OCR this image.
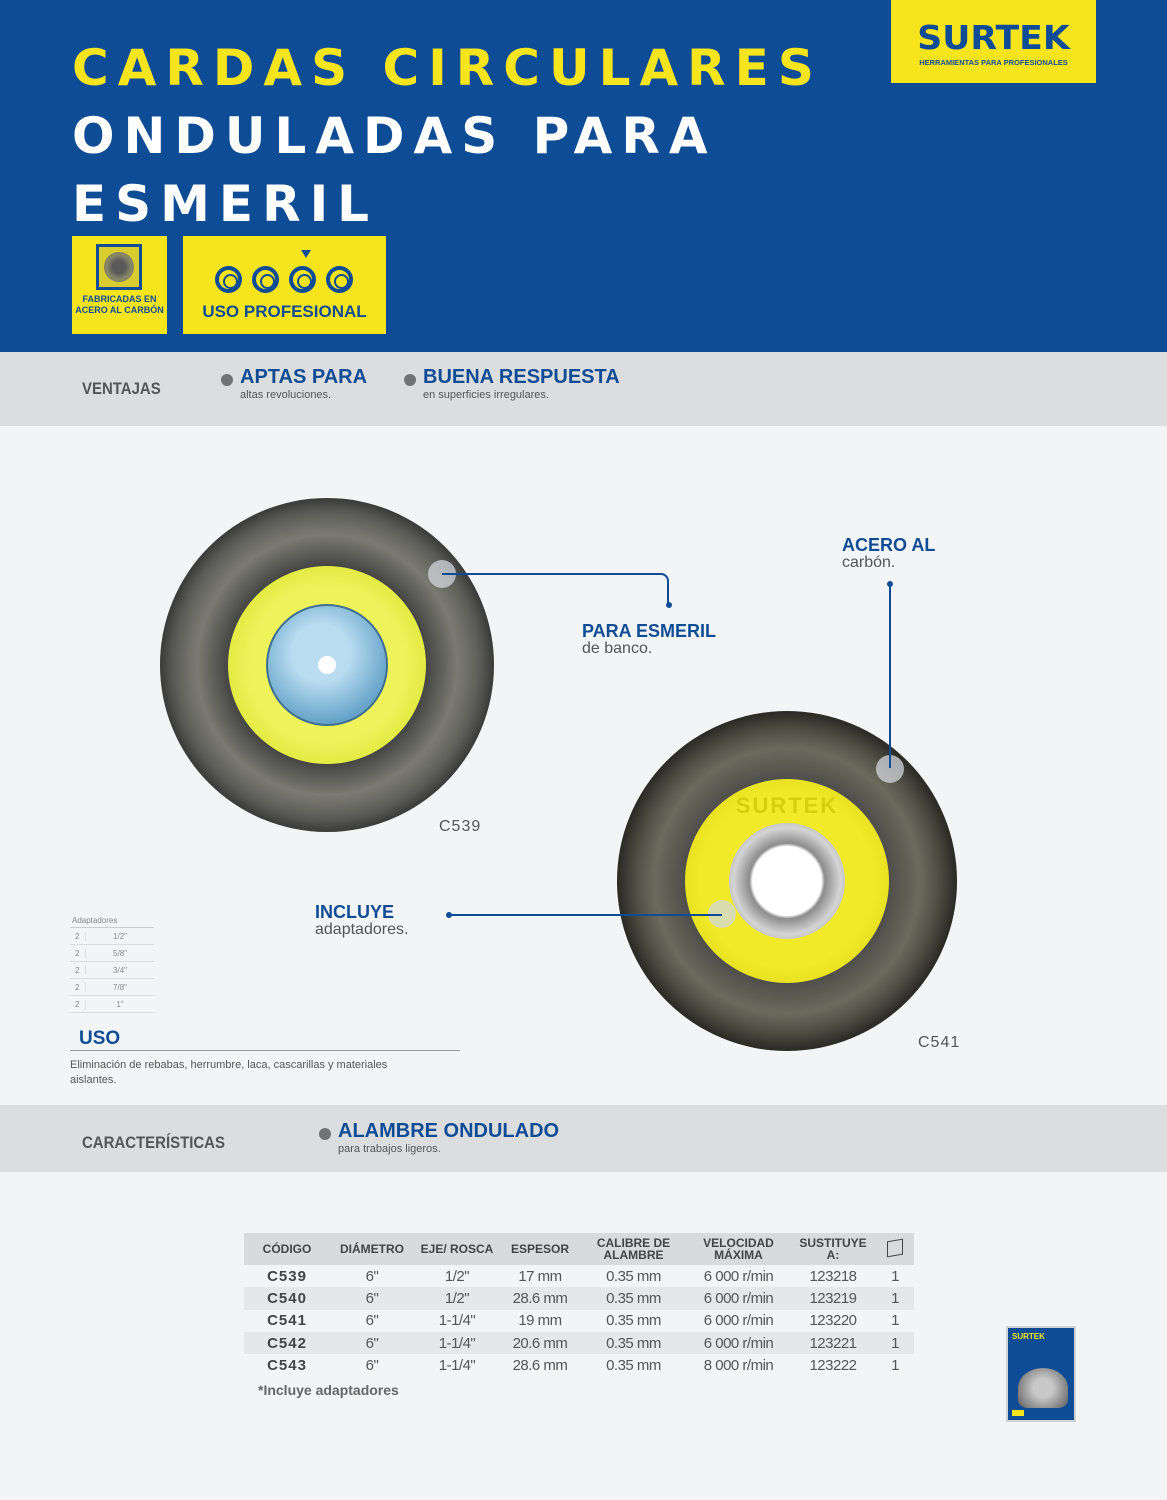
CARDAS CIRCULARES
ONDULADAS PARA
ESMERIL
SURTEK
HERRAMIENTAS PARA PROFESIONALES
FABRICADAS EN ACERO AL CARBÓN	USO PROFESIONAL
VENTAJAS
APTAS PARA
altas revoluciones.
BUENA RESPUESTA
en superficies irregulares.
C539
SURTEK
C541
PARA ESMERIL
de banco.
ACERO AL
carbón.
INCLUYE
adaptadores.
Adaptadores
2	1/2"
2	5/8"
2	3/4"
2	7/8"
2	1"
USO
Eliminación de rebabas, herrumbre, laca, cascarillas y materiales aislantes.
CARACTERÍSTICAS
ALAMBRE ONDULADO
para trabajos ligeros.
CÓDIGO	DIÁMETRO	EJE/ ROSCA	ESPESOR	CALIBRE DE ALAMBRE	VELOCIDAD MÁXIMA	SUSTITUYE A:	
C539	6"	1/2"	17 mm	0.35 mm	6 000 r/min	123218	1
C540	6"	1/2"	28.6 mm	0.35 mm	6 000 r/min	123219	1
C541	6"	1-1/4"	19 mm	0.35 mm	6 000 r/min	123220	1
C542	6"	1-1/4"	20.6 mm	0.35 mm	6 000 r/min	123221	1
C543	6"	1-1/4"	28.6 mm	0.35 mm	8 000 r/min	123222	1
*Incluye adaptadores
SURTEK
